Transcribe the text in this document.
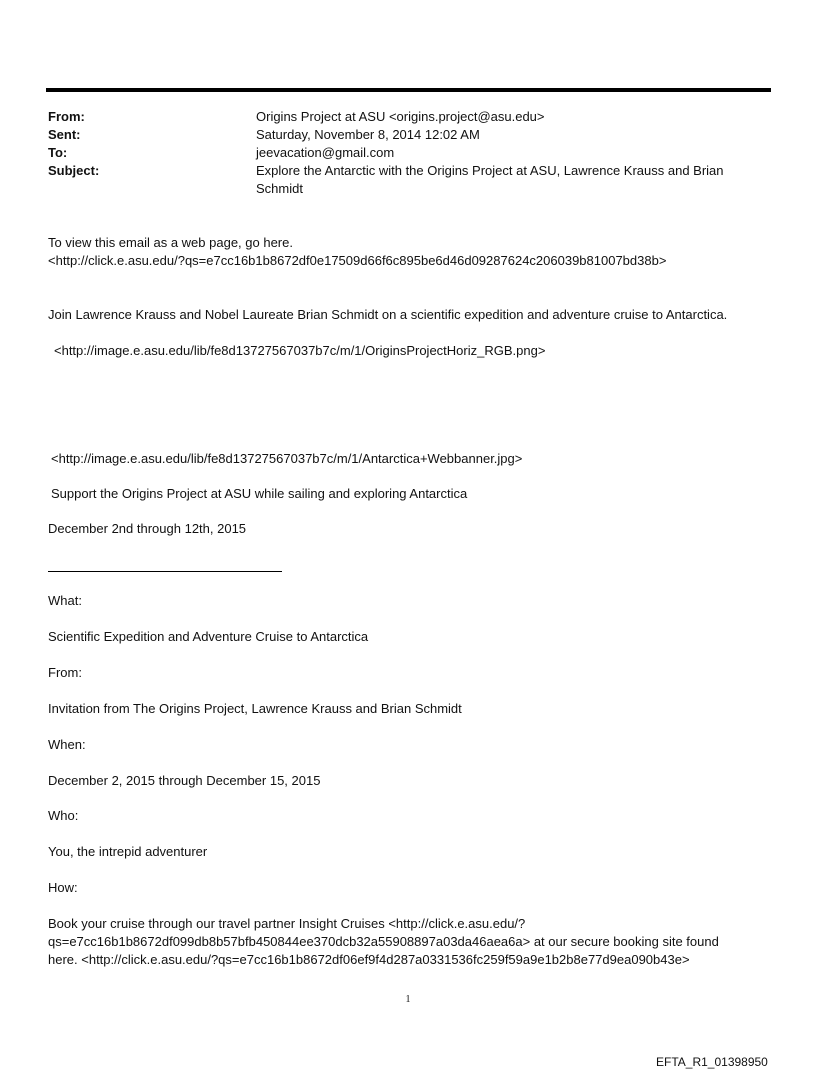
From:	Origins Project at ASU <origins.project@asu.edu>
Sent:	Saturday, November 8, 2014 12:02 AM
To:	jeevacation@gmail.com
Subject:	Explore the Antarctic with the Origins Project at ASU, Lawrence Krauss and Brian Schmidt
To view this email as a web page, go here.
<http://click.e.asu.edu/?qs=e7cc16b1b8672df0e17509d66f6c895be6d46d09287624c206039b81007bd38b>
Join Lawrence Krauss and Nobel Laureate Brian Schmidt on a scientific expedition and adventure cruise to Antarctica.
<http://image.e.asu.edu/lib/fe8d13727567037b7c/m/1/OriginsProjectHoriz_RGB.png>
<http://image.e.asu.edu/lib/fe8d13727567037b7c/m/1/Antarctica+Webbanner.jpg>
Support the Origins Project at ASU while sailing and exploring Antarctica
December 2nd through 12th, 2015
What:
Scientific Expedition and Adventure Cruise to Antarctica
From:
Invitation from The Origins Project, Lawrence Krauss and Brian Schmidt
When:
December 2, 2015 through December 15, 2015
Who:
You, the intrepid adventurer
How:
Book your cruise through our travel partner Insight Cruises <http://click.e.asu.edu/?qs=e7cc16b1b8672df099db8b57bfb450844ee370dcb32a55908897a03da46aea6a> at our secure booking site found here. <http://click.e.asu.edu/?qs=e7cc16b1b8672df06ef9f4d287a0331536fc259f59a9e1b2b8e77d9ea090b43e>
1
EFTA_R1_01398950
